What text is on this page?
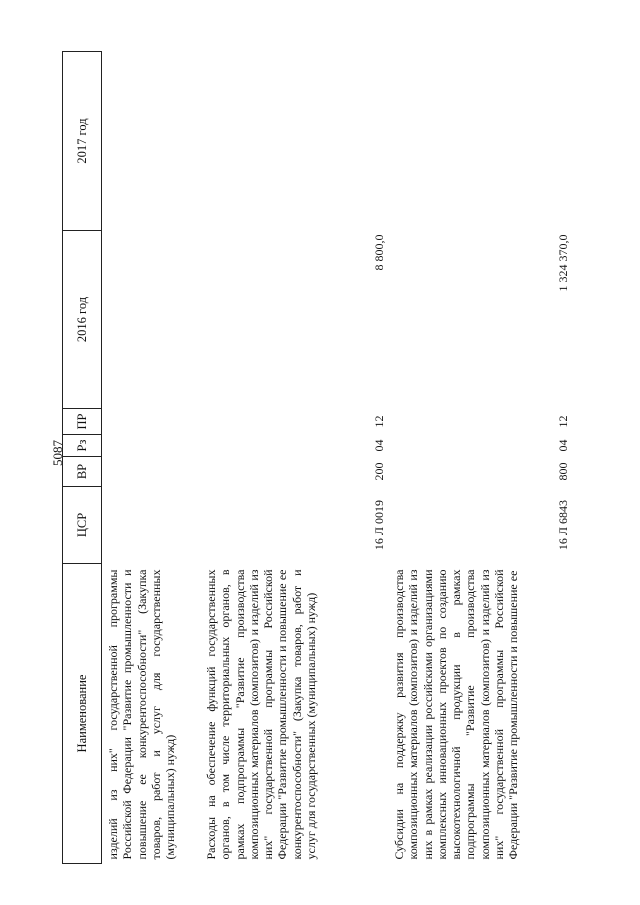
5087
Наименование	ЦСР	ВР	Рз	ПР	2016 год	2017 год
изделий из них" государственной программы Российской Федерации "Развитие промышленности и повышение ее конкурентоспособности" (Закупка товаров, работ и услуг для государственных (муниципальных) нужд)						
Расходы на обеспечение функций государственных органов, в том числе территориальных органов, в рамках подпрограммы "Развитие производства композиционных материалов (композитов) и изделий из них" государственной программы Российской Федерации "Развитие промышленности и повышение ее конкурентоспособности" (Закупка товаров, работ и услуг для государственных (муниципальных) нужд)	16 Л 0019	200	04	12	8 800,0	
Субсидии на поддержку развития производства композиционных материалов (композитов) и изделий из них в рамках реализации российскими организациями комплексных инновационных проектов по созданию высокотехнологичной продукции в рамках подпрограммы "Развитие производства композиционных материалов (композитов) и изделий из них" государственной программы Российской Федерации "Развитие промышленности и повышение ее	16 Л 6843	800	04	12	1 324 370,0	
